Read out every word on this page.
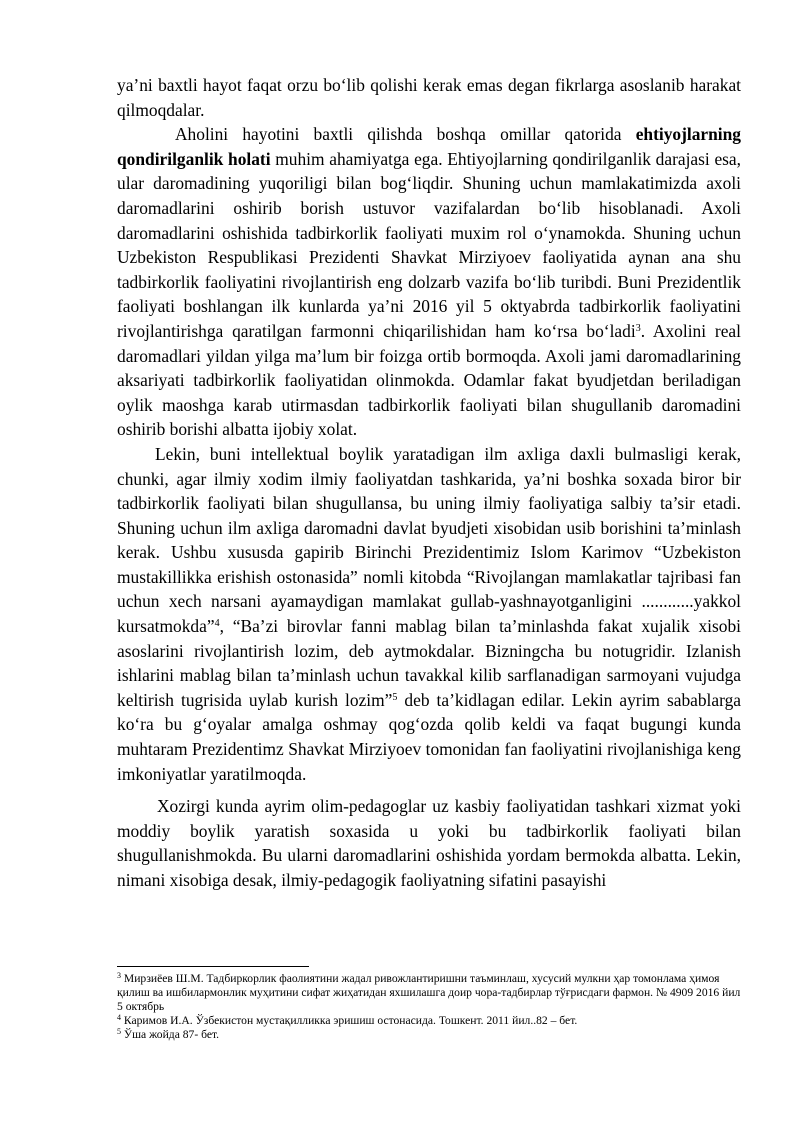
ya’ni baxtli hayot faqat orzu bo‘lib qolishi kerak emas degan fikrlarga asoslanib harakat qilmoqdalar.

Aholini hayotini baxtli qilishda boshqa omillar qatorida ehtiyojlarning qondirilganlik holati muhim ahamiyatga ega. Ehtiyojlarning qondirilganlik darajasi esa, ular daromadining yuqoriligi bilan bog‘liqdir. Shuning uchun mamlakatimizda axoli daromadlarini oshirib borish ustuvor vazifalardan bo‘lib hisoblanadi. Axoli daromadlarini oshishida tadbirkorlik faoliyati muxim rol o‘ynamokda. Shuning uchun Uzbekiston Respublikasi Prezidenti Shavkat Mirziyoev faoliyatida aynan ana shu tadbirkorlik faoliyatini rivojlantirish eng dolzarb vazifa bo‘lib turibdi. Buni Prezidentlik faoliyati boshlangan ilk kunlarda ya’ni 2016 yil 5 oktyabrda tadbirkorlik faoliyatini rivojlantirishga qaratilgan farmonni chiqarilishidan ham ko‘rsa bo‘ladi$^3$. Axolini real daromadlari yildan yilga ma’lum bir foizga ortib bormoqda. Axoli jami daromadlarining aksariyati tadbirkorlik faoliyatidan olinmokda. Odamlar fakat byudjetdan beriladigan oylik maoshga karab utirmasdan tadbirkorlik faoliyati bilan shugullanib daromadini oshirib borishi albatta ijobiy xolat.

Lekin, buni intellektual boylik yaratadigan ilm axliga daxli bulmasligi kerak, chunki, agar ilmiy xodim ilmiy faoliyatdan tashkarida, ya’ni boshka soxada biror bir tadbirkorlik faoliyati bilan shugullansa, bu uning ilmiy faoliyatiga salbiy ta’sir etadi. Shuning uchun ilm axliga daromadni davlat byudjeti xisobidan usib borishini ta’minlash kerak. Ushbu xususda gapirib Birinchi Prezidentimiz Islom Karimov “Uzbekiston mustakillikka erishish ostonasida” nomli kitobda “Rivojlangan mamlakatlar tajribasi fan uchun xech narsani ayamaydigan mamlakat gullab-yashnayotganligini ............yakkol kursatmokda”$^4$, “Ba’zi birovlar fanni mablag bilan ta’minlashda fakat xujalik xisobi asoslarini rivojlantirish lozim, deb aytmokdalar. Bizningcha bu notugridir. Izlanish ishlarini mablag bilan ta’minlash uchun tavakkal kilib sarflanadigan sarmoyani vujudga keltirish tugrisida uylab kurish lozim”$^5$ deb ta’kidlagan edilar. Lekin ayrim sabablarga ko‘ra bu g‘oyalar amalga oshmay qog‘ozda qolib keldi va faqat bugungi kunda muhtaram Prezidentimz Shavkat Mirziyoev tomonidan fan faoliyatini rivojlanishiga keng imkoniyatlar yaratilmoqda.

Xozirgi kunda ayrim olim-pedagoglar uz kasbiy faoliyatidan tashkari xizmat yoki moddiy boylik yaratish soxasida u yoki bu tadbirkorlik faoliyati bilan shugullanishmokda. Bu ularni daromadlarini oshishida yordam bermokda albatta. Lekin, nimani xisobiga desak, ilmiy-pedagogik faoliyatning sifatini pasayishi

$^3$ Мирзиёев Ш.М. Тадбиркорлик фаолиятини жадал ривожлантиришни таъминлаш, хусусий мулкни ҳар томонлама ҳимоя қилиш ва ишбилармонлик муҳитини сифат жиҳатидан яхшилашга доир чора-тадбирлар тўғрисдаги фармон. № 4909 2016 йил 5 октябрь

$^4$ Каримов И.А. Ўзбекистон мустақилликка эришиш остонасида. Тошкент. 2011 йил..82 – бет.

$^5$ Ўша жойда 87- бет.
